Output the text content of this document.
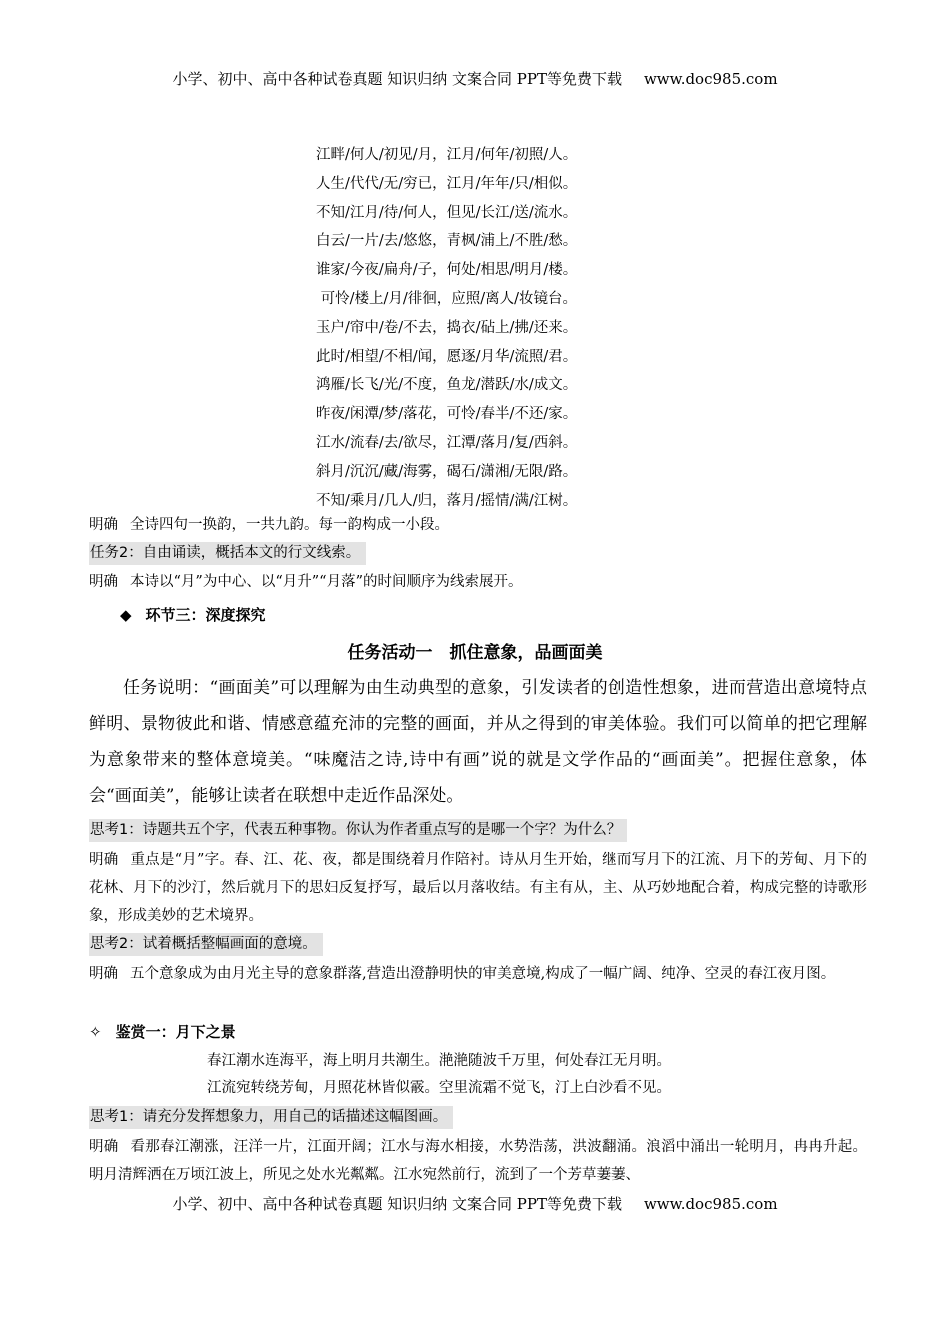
小学、初中、高中各种试卷真题 知识归纳 文案合同 PPT等免费下载 www.doc985.com
江畔/何人/初见/月，江月/何年/初照/人。
人生/代代/无/穷已，江月/年年/只/相似。
不知/江月/待/何人，但见/长江/送/流水。
白云/一片/去/悠悠，青枫/浦上/不胜/愁。
谁家/今夜/扁舟/子，何处/相思/明月/楼。
可怜/楼上/月/徘徊，应照/离人/妆镜台。
玉户/帘中/卷/不去，捣衣/砧上/拂/还来。
此时/相望/不相/闻，愿逐/月华/流照/君。
鸿雁/长飞/光/不度，鱼龙/潜跃/水/成文。
昨夜/闲潭/梦/落花，可怜/春半/不还/家。
江水/流春/去/欲尽，江潭/落月/复/西斜。
斜月/沉沉/藏/海雾，碣石/潇湘/无限/路。
不知/乘月/几人/归，落月/摇情/满/江树。
明确 全诗四句一换韵，一共九韵。每一韵构成一小段。
任务2：自由诵读，概括本文的行文线索。
明确 本诗以“月”为中心、以“月升”“月落”的时间顺序为线索展开。
◆ 环节三：深度探究
任务活动一　抓住意象，品画面美
任务说明：“画面美”可以理解为由生动典型的意象，引发读者的创造性想象，进而营造出意境特点鲜明、景物彼此和谐、情感意蕴充沛的完整的画面，并从之得到的审美体验。我们可以简单的把它理解为意象带来的整体意境美。“味魔洁之诗,诗中有画”说的就是文学作品的“画面美”。把握住意象，体会“画面美”，能够让读者在联想中走近作品深处。
思考1：诗题共五个字，代表五种事物。你认为作者重点写的是哪一个字？为什么？
明确 重点是“月”字。春、江、花、夜，都是围绕着月作陪衬。诗从月生开始，继而写月下的江流、月下的芳甸、月下的花林、月下的沙汀，然后就月下的思妇反复抒写，最后以月落收结。有主有从，主、从巧妙地配合着，构成完整的诗歌形象，形成美妙的艺术境界。
思考2：试着概括整幅画面的意境。
明确 五个意象成为由月光主导的意象群落,营造出澄静明快的审美意境,构成了一幅广阔、纯净、空灵的春江夜月图。
✧ 鉴赏一：月下之景
春江潮水连海平，海上明月共潮生。滟滟随波千万里，何处春江无月明。
江流宛转绕芳甸，月照花林皆似霰。空里流霜不觉飞，汀上白沙看不见。
思考1：请充分发挥想象力，用自己的话描述这幅图画。
明确 看那春江潮涨，汪洋一片，江面开阔；江水与海水相接，水势浩荡，洪波翻涌。浪滔中涌出一轮明月，冉冉升起。明月清辉洒在万顷江波上，所见之处水光粼粼。江水宛然前行，流到了一个芳草萋萋、
小学、初中、高中各种试卷真题 知识归纳 文案合同 PPT等免费下载 www.doc985.com
